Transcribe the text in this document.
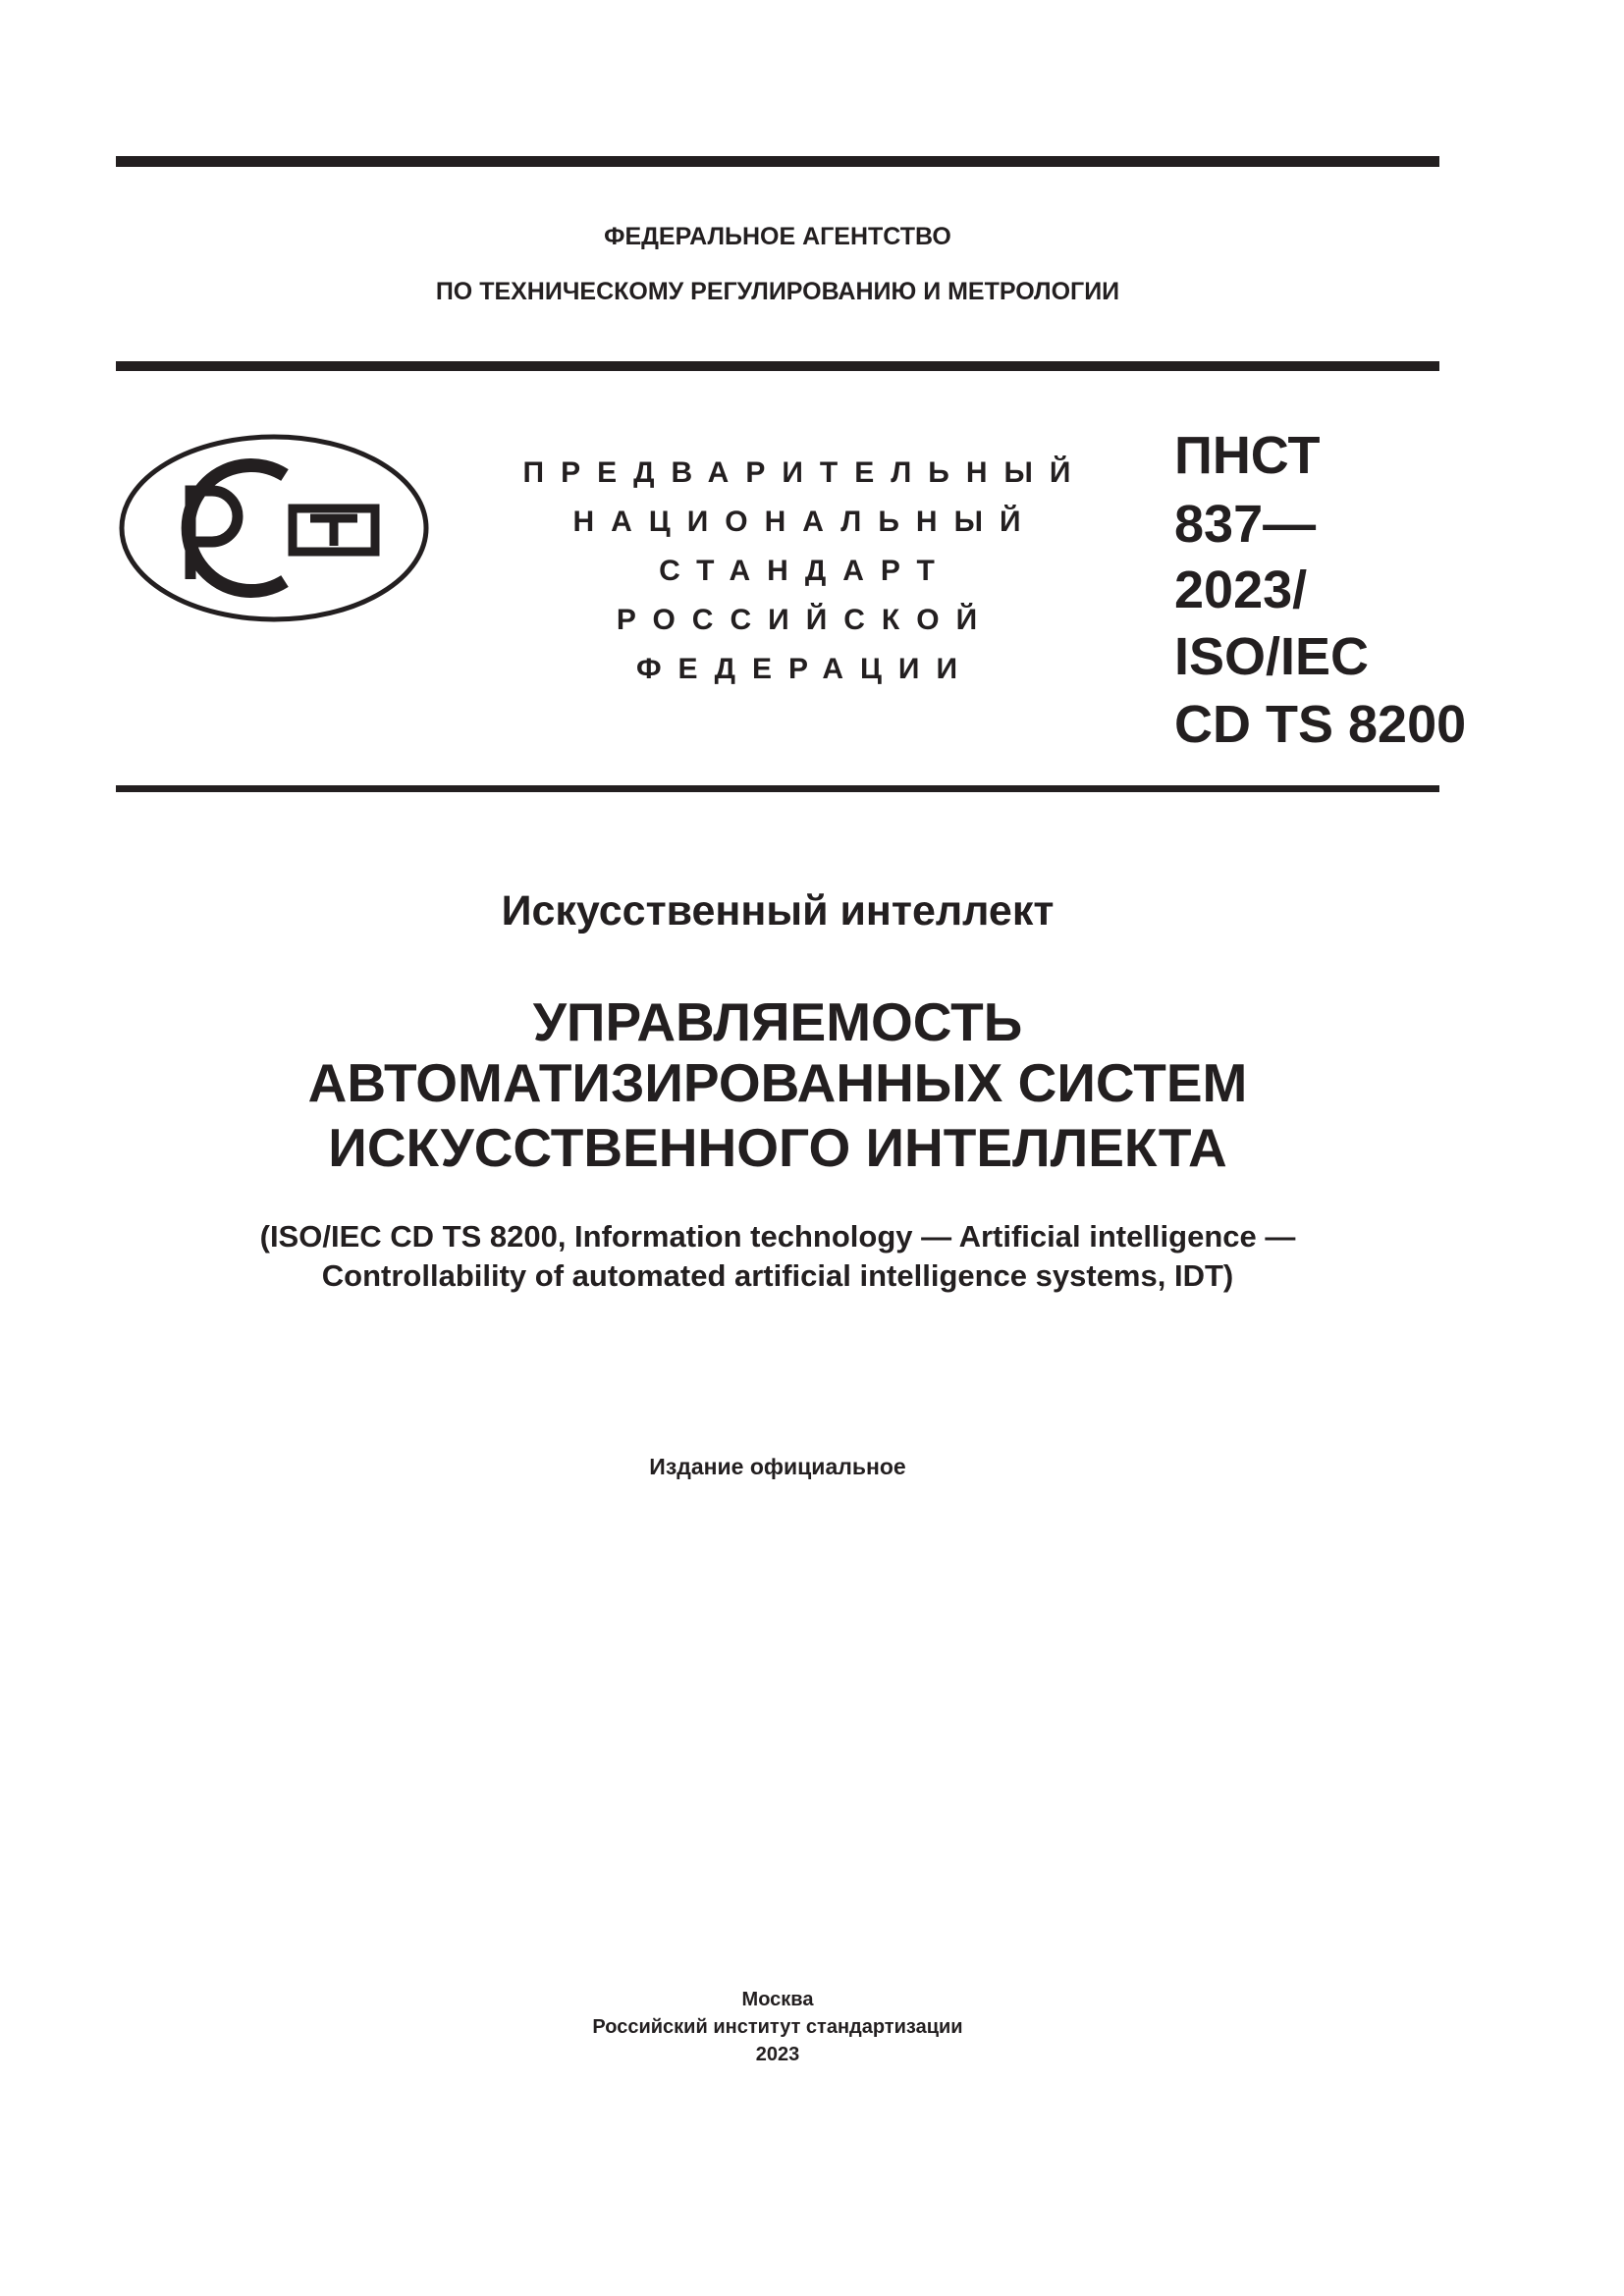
ФЕДЕРАЛЬНОЕ АГЕНТСТВО
ПО ТЕХНИЧЕСКОМУ РЕГУЛИРОВАНИЮ И МЕТРОЛОГИИ
ПРЕДВАРИТЕЛЬНЫЙ
НАЦИОНАЛЬНЫЙ
СТАНДАРТ
РОССИЙСКОЙ
ФЕДЕРАЦИИ
ПНСТ
837—
2023/
ISO/IEC
CD TS 8200
Искусственный интеллект
УПРАВЛЯЕМОСТЬ
АВТОМАТИЗИРОВАННЫХ СИСТЕМ
ИСКУССТВЕННОГО ИНТЕЛЛЕКТА
(ISO/IEC CD TS 8200, Information technology — Artificial intelligence —
Controllability of automated artificial intelligence systems, IDT)
Издание официальное
Москва
Российский институт стандартизации
2023
